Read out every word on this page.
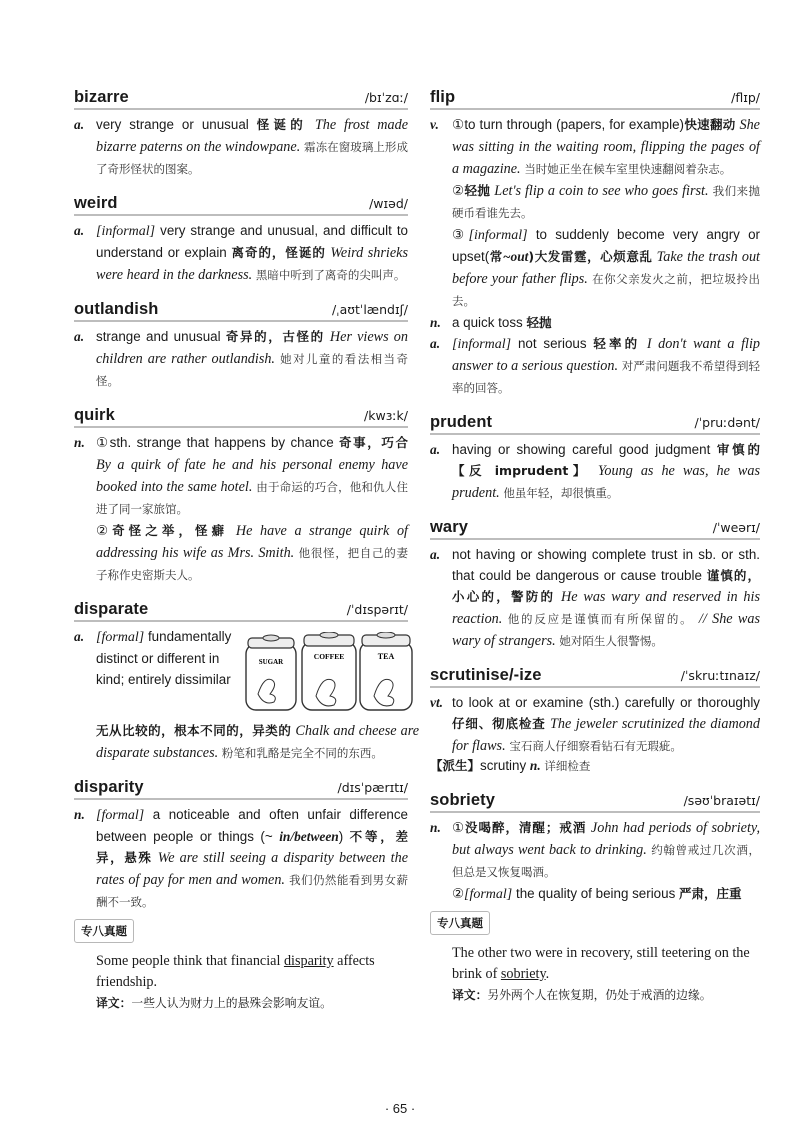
bizarre	/bɪˈzɑː/
a. very strange or unusual 怪诞的 The frost made bizarre paterns on the windowpane. 霜冻在窗玻璃上形成了奇形怪状的图案。
weird	/wɪəd/
a. [informal] very strange and unusual, and difficult to understand or explain 离奇的，怪诞的 Weird shrieks were heard in the darkness. 黑暗中听到了离奇的尖叫声。
outlandish	/ˌaʊtˈlændɪʃ/
a. strange and unusual 奇异的，古怪的 Her views on children are rather outlandish. 她对儿童的看法相当奇怪。
quirk	/kwɜːk/
n. ①sth. strange that happens by chance 奇事，巧合 By a quirk of fate he and his personal enemy have booked into the same hotel. 由于命运的巧合，他和仇人住进了同一家旅馆。
②奇怪之举，怪癖 He have a strange quirk of addressing his wife as Mrs. Smith. 他很怪，把自己的妻子称作史密斯夫人。
disparate	/ˈdɪspərɪt/
a. [formal] fundamentally distinct or different in kind; entirely dissimilar
SUGAR
COFFEE	TEA
无从比较的，根本不同的，异类的 Chalk and cheese are disparate substances. 粉笔和乳酪是完全不同的东西。
disparity	/dɪsˈpærɪtɪ/
n. [formal] a noticeable and often unfair difference between people or things (~ in/between) 不等，差异，悬殊 We are still seeing a disparity between the rates of pay for men and women. 我们仍然能看到男女薪酬不一致。
专八真题
Some people think that financial disparity affects friendship.
译文：一些人认为财力上的悬殊会影响友谊。
flip	/flɪp/
v. ①to turn through (papers, for example)快速翻动 She was sitting in the waiting room, flipping the pages of a magazine. 当时她正坐在候车室里快速翻阅着杂志。
②轻抛 Let's flip a coin to see who goes first. 我们来抛硬币看谁先去。
③[informal] to suddenly become very angry or upset(常~out)大发雷霆，心烦意乱 Take the trash out before your father flips. 在你父亲发火之前，把垃圾拎出去。
n. a quick toss 轻抛
a. [informal] not serious 轻率的 I don't want a flip answer to a serious question. 对严肃问题我不希望得到轻率的回答。
prudent	/ˈpruːdənt/
a. having or showing careful good judgment 审慎的【反 imprudent】 Young as he was, he was prudent. 他虽年轻，却很慎重。
wary	/ˈweərɪ/
a. not having or showing complete trust in sb. or sth. that could be dangerous or cause trouble 谨慎的，小心的，警防的 He was wary and reserved in his reaction. 他的反应是谨慎而有所保留的。 // She was wary of strangers. 她对陌生人很警惕。
scrutinise/-ize	/ˈskruːtɪnaɪz/
vt. to look at or examine (sth.) carefully or thoroughly 仔细、彻底检查 The jeweler scrutinized the diamond for flaws. 宝石商人仔细察看钻石有无瑕疵。
【派生】scrutiny n. 详细检查
sobriety	/səʊˈbraɪətɪ/
n. ①没喝醉，清醒；戒酒 John had periods of sobriety, but always went back to drinking. 约翰曾戒过几次酒，但总是又恢复喝酒。
②[formal] the quality of being serious 严肃，庄重
专八真题
The other two were in recovery, still teetering on the brink of sobriety.
译文：另外两个人在恢复期，仍处于戒酒的边缘。
· 65 ·
